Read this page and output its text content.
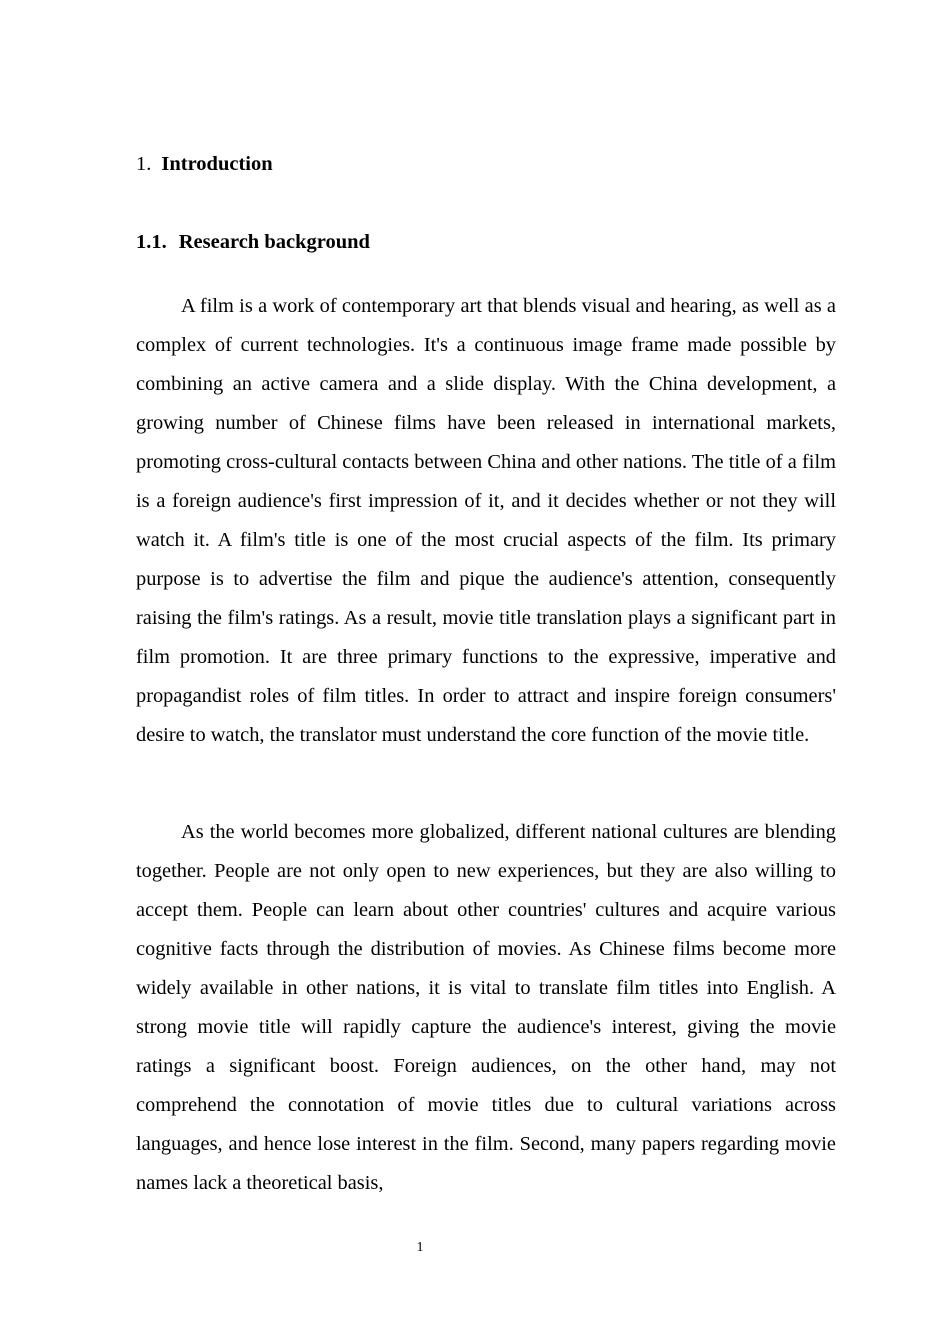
1. Introduction
1.1. Research background

A film is a work of contemporary art that blends visual and hearing, as well as a complex of current technologies. It's a continuous image frame made possible by combining an active camera and a slide display. With the China development, a growing number of Chinese films have been released in international markets, promoting cross-cultural contacts between China and other nations. The title of a film is a foreign audience's first impression of it, and it decides whether or not they will watch it. A film's title is one of the most crucial aspects of the film. Its primary purpose is to advertise the film and pique the audience's attention, consequently raising the film's ratings. As a result, movie title translation plays a significant part in film promotion. It are three primary functions to the expressive, imperative and propagandist roles of film titles. In order to attract and inspire foreign consumers' desire to watch, the translator must understand the core function of the movie title.

As the world becomes more globalized, different national cultures are blending together. People are not only open to new experiences, but they are also willing to accept them. People can learn about other countries' cultures and acquire various cognitive facts through the distribution of movies. As Chinese films become more widely available in other nations, it is vital to translate film titles into English. A strong movie title will rapidly capture the audience's interest, giving the movie ratings a significant boost. Foreign audiences, on the other hand, may not comprehend the connotation of movie titles due to cultural variations across languages, and hence lose interest in the film. Second, many papers regarding movie names lack a theoretical basis,

1
